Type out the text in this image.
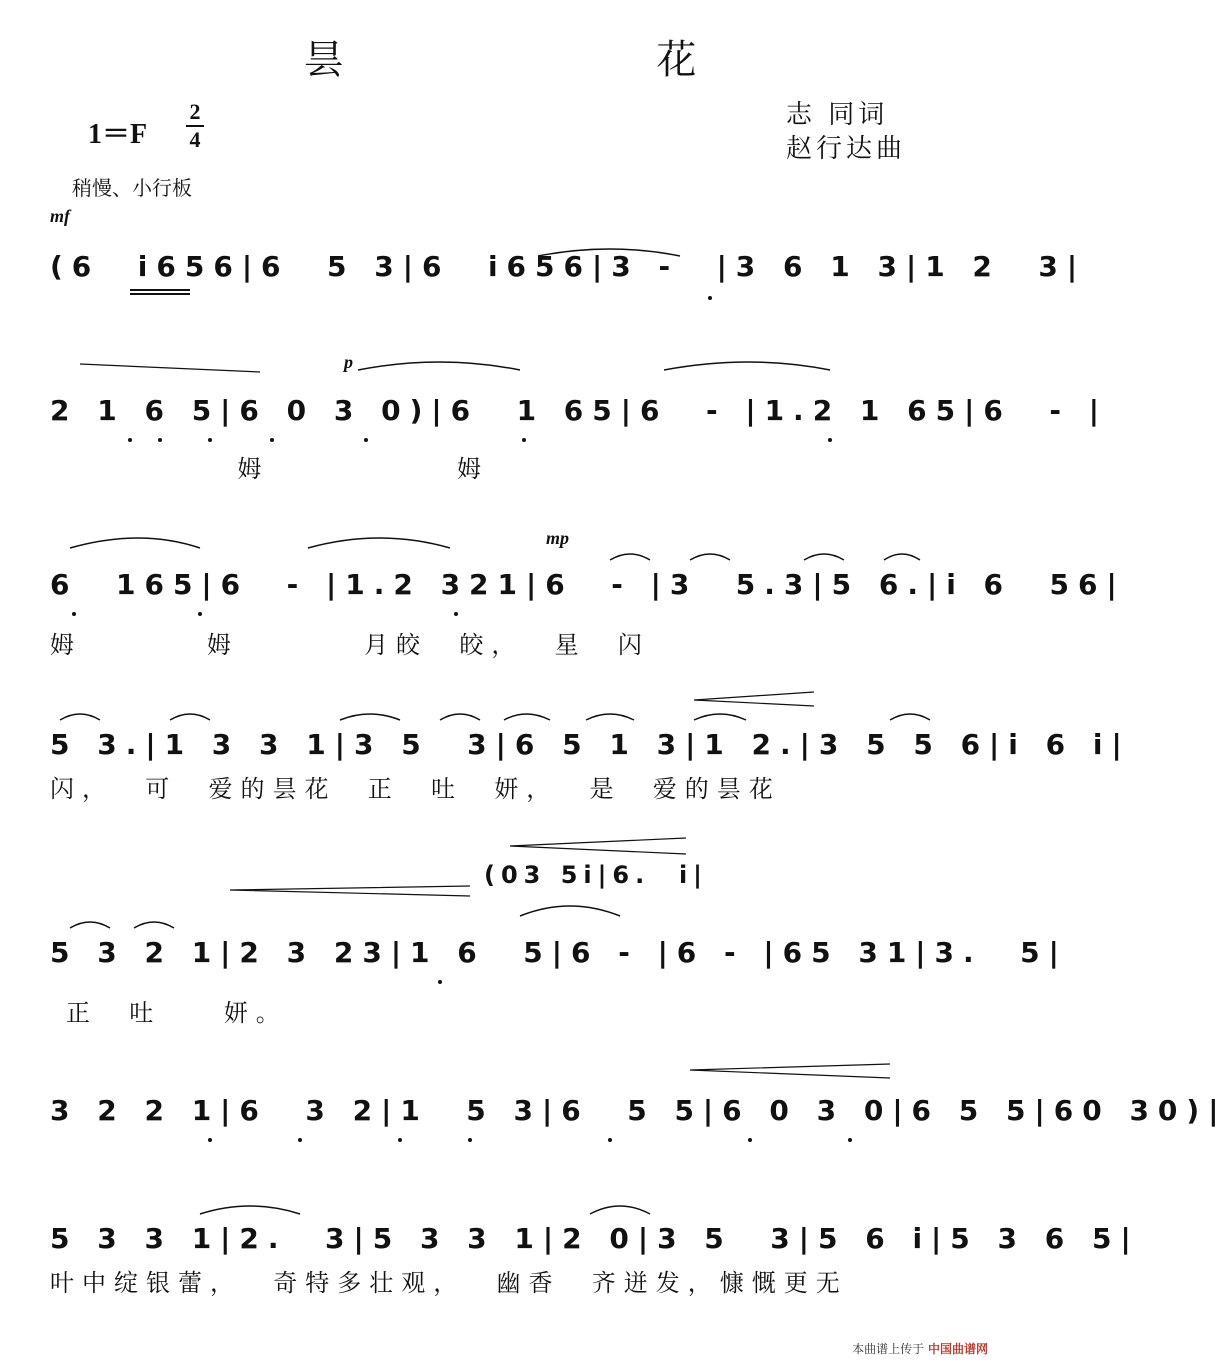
昙 花
1＝F
2
4
志 同词
赵行达曲
稍慢、小行板
mf
p
mp
(6  i656|6  5 3|6  i656|3 -  |3 6 1 3|1 2  3|
2 1 6 5|6 0 3 0)|6  1 65|6  - |1.2 1 65|6  - |
姆            姆
6  165|6  - |1.2 321|6  - |3  5.3|5 6.|i 6  56|
姆        姆        月皎  皎，  星  闪
5 3.|1 3 3 1|3 5  3|6 5 1 3|1 2.|3 5 5 6|i 6 i|
闪，  可  爱的昙花  正  吐  妍，  是  爱的昙花
(03 5i|6.  i|
5 3 2 1|2 3 23|1 6  5|6 - |6 - |65 31|3.  5|
正  吐    妍。
3 2 2 1|6  3 2|1  5 3|6  5 5|6 0 3 0|6 5 5|60 30)|
5 3 3 1|2.  3|5 3 3 1|2 0|3 5  3|5 6 i|5 3 6 5|
叶中绽银蕾，  奇特多壮观，  幽香  齐迸发，慷慨更无
本曲谱上传于 中国曲谱网
